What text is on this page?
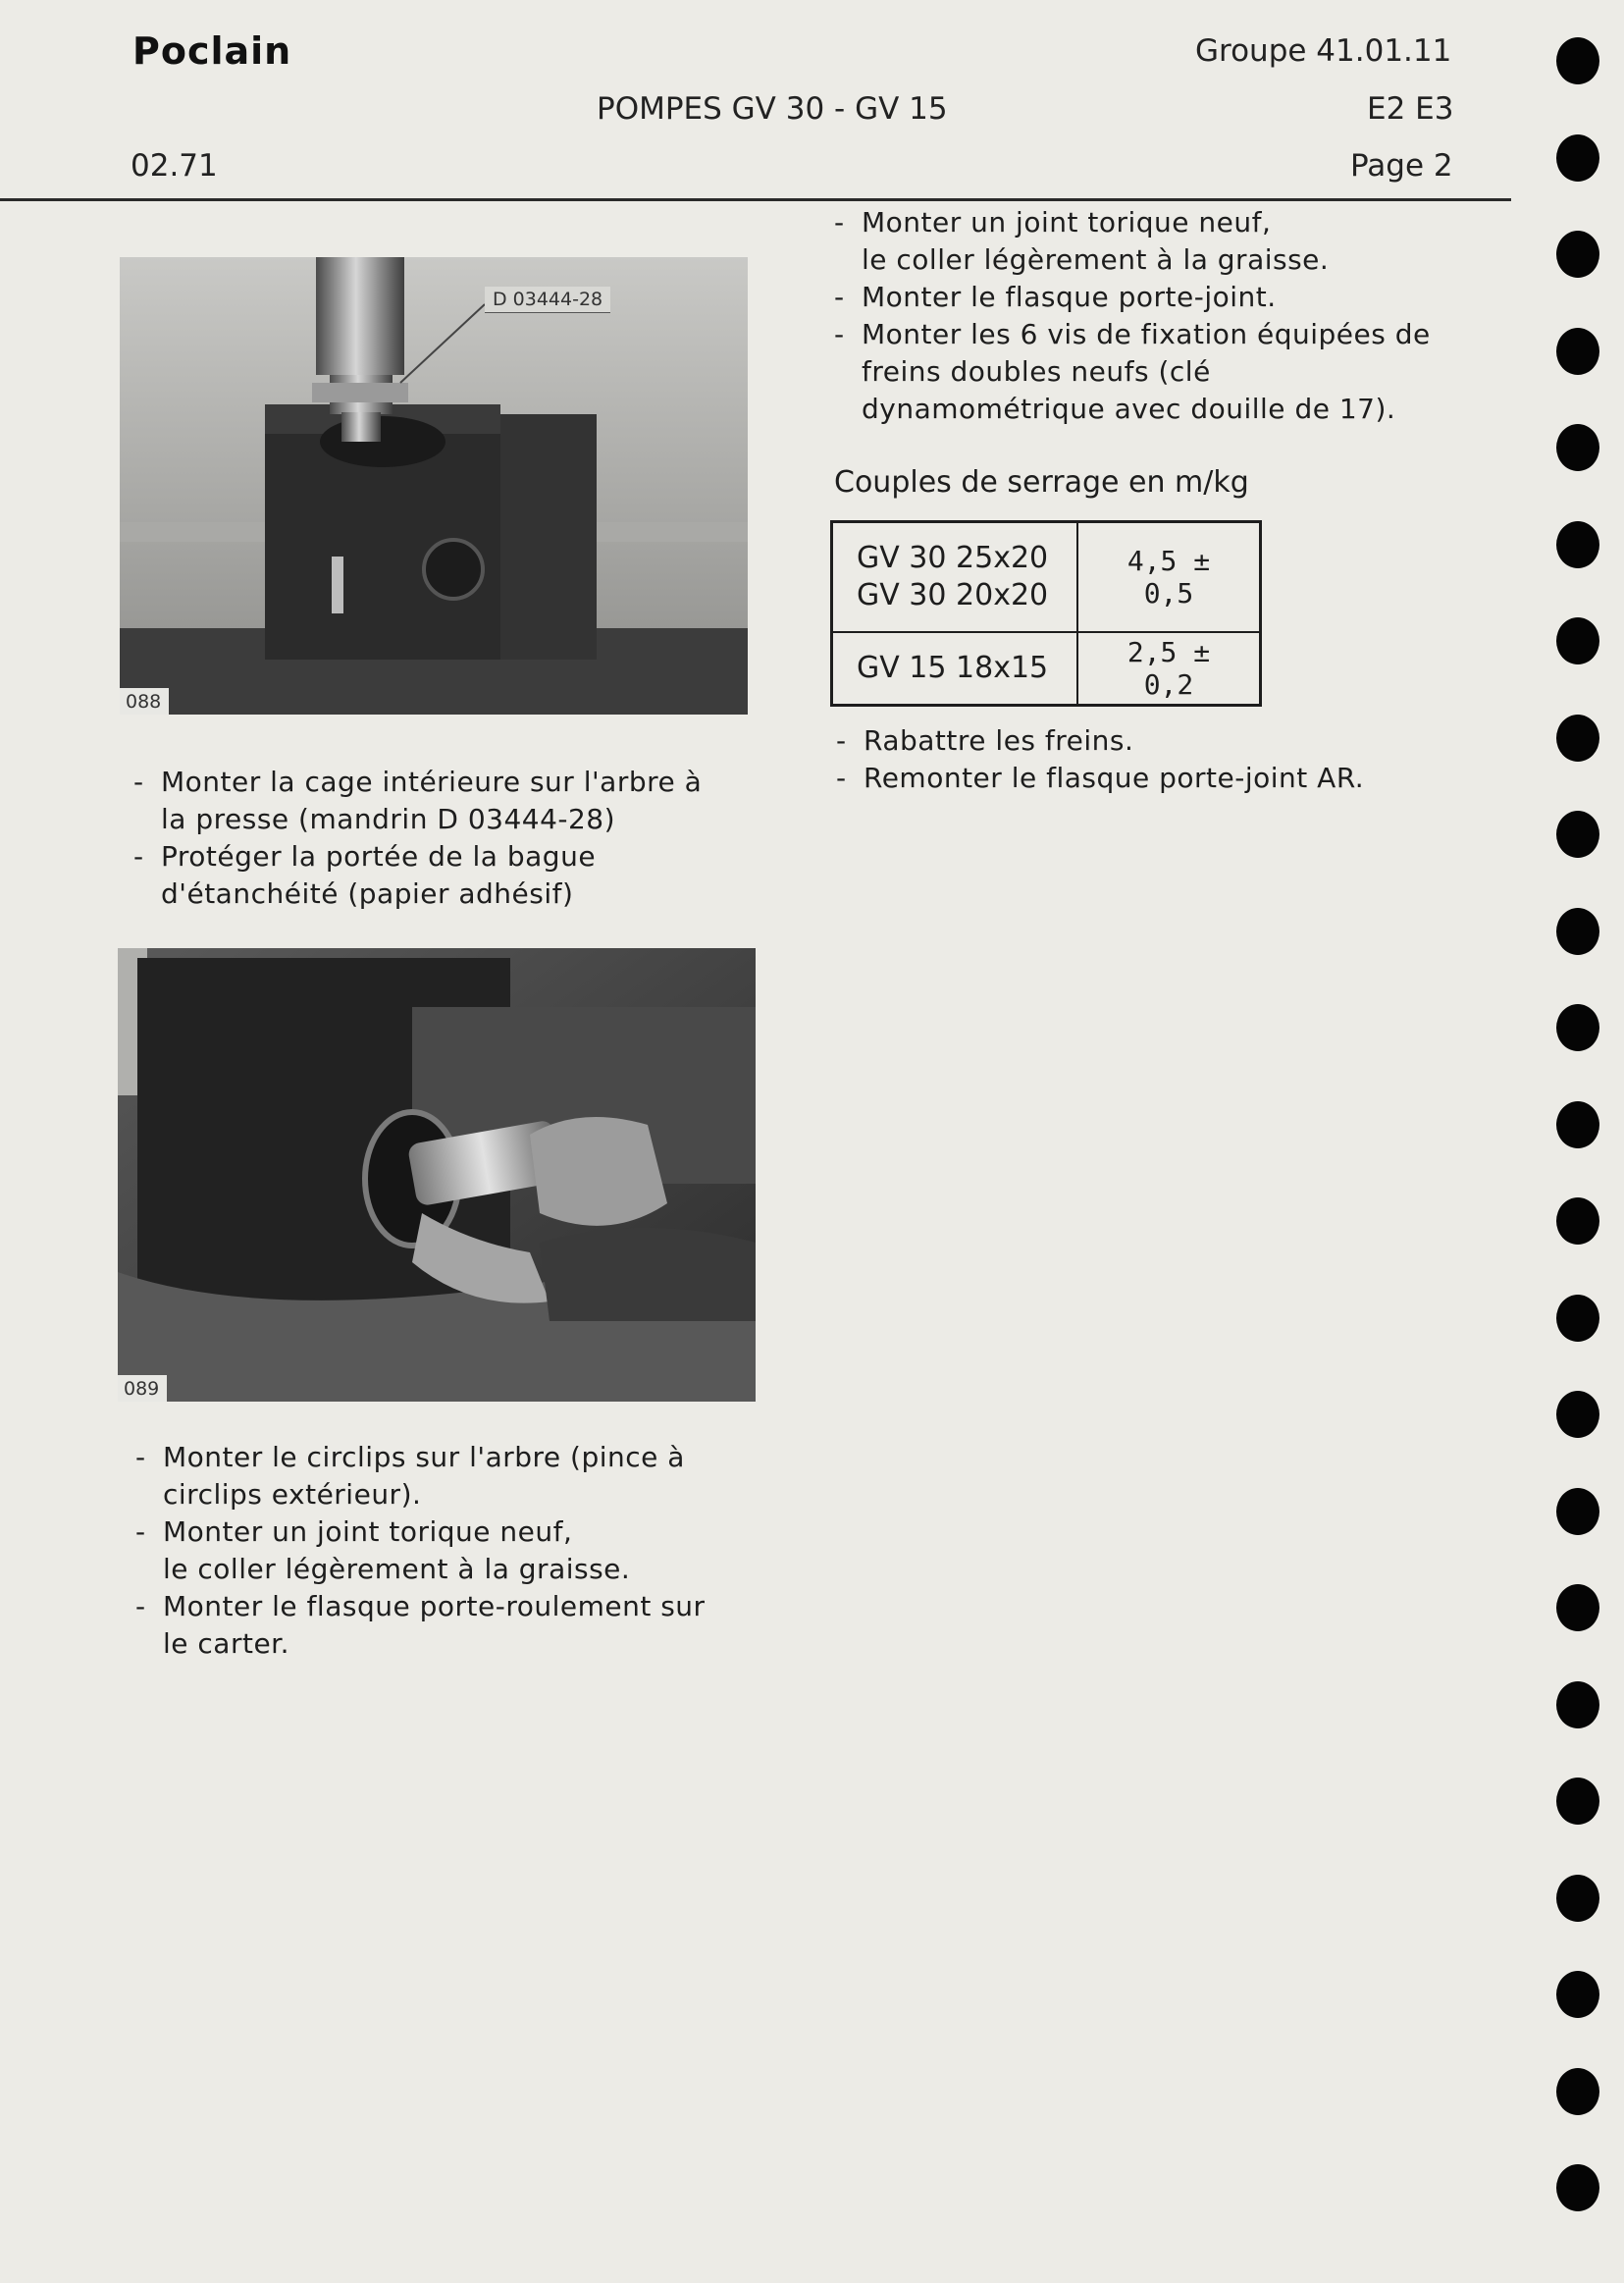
Poclain	Groupe 41.01.11
POMPES GV 30 - GV 15	E2 E3
02.71	Page 2
D 03444-28
088
- Monter la cage intérieure sur l'arbre à la presse (mandrin D 03444-28)
- Protéger la portée de la bague d'étanchéité (papier adhésif)
089
- Monter le circlips sur l'arbre (pince à circlips extérieur).
- Monter un joint torique neuf,
le coller légèrement à la graisse.
- Monter le flasque porte-roulement sur le carter.
- Monter un joint torique neuf,
le coller légèrement à la graisse.
- Monter le flasque porte-joint.
- Monter les 6 vis de fixation équipées de freins doubles neufs (clé dynamométrique avec douille de 17).
Couples de serrage en m/kg
GV 30 25x20
GV 30 20x20	4,5 ± 0,5
GV 15 18x15	2,5 ± 0,2
- Rabattre les freins.
- Remonter le flasque porte-joint AR.
